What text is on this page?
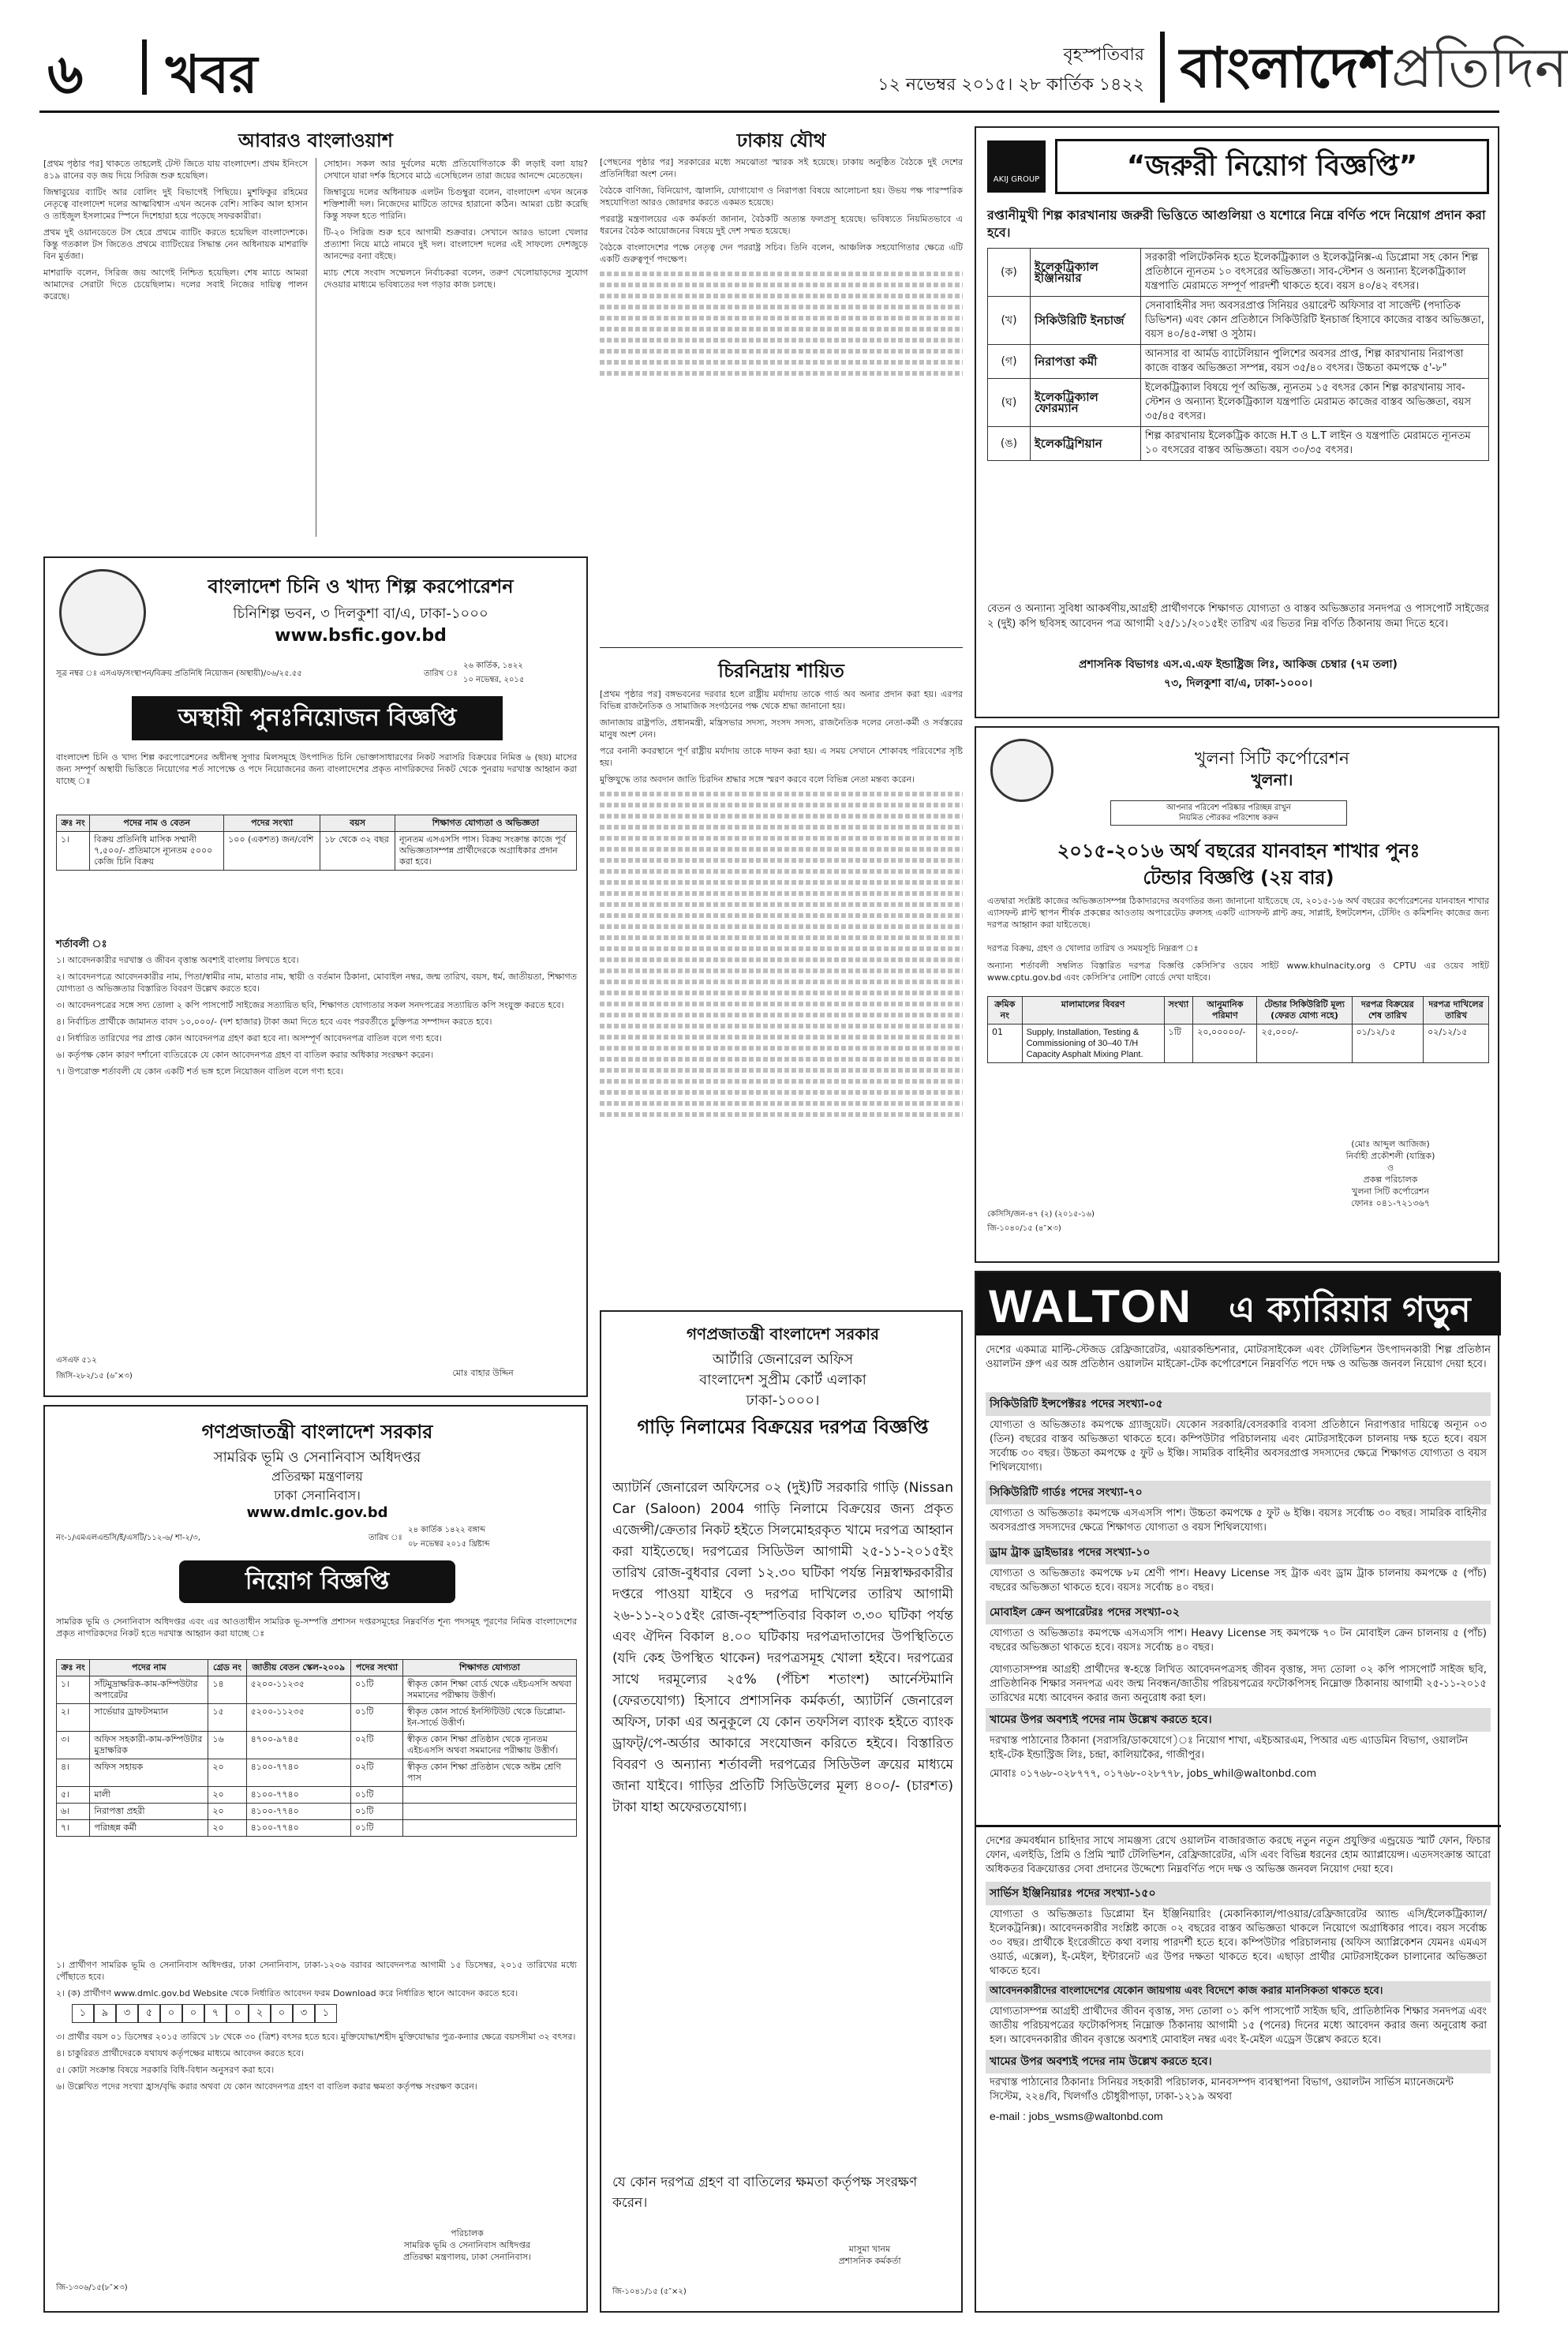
৬ খবর	বৃহস্পতিবার
১২ নভেম্বর ২০১৫। ২৮ কার্তিক ১৪২২ বাংলাদেশপ্রতিদিন
আবারও বাংলাওয়াশ

[প্রথম পৃষ্ঠার পর] থাকতে তাহলেই টেস্ট জিতে যায় বাংলাদেশ। প্রথম ইনিংসে ৪১৯ রানের বড় জয় দিয়ে সিরিজ শুরু হয়েছিল।

জিম্বাবুয়ের ব্যাটিং আর বোলিং দুই বিভাগেই পিছিয়ে। মুশফিকুর রহিমের নেতৃত্বে বাংলাদেশ দলের আত্মবিশ্বাস এখন অনেক বেশি। সাকিব আল হাসান ও তাইজুল ইসলামের স্পিনে দিশেহারা হয়ে পড়েছে সফরকারীরা।

প্রথম দুই ওয়ানডেতে টস হেরে প্রথমে ব্যাটিং করতে হয়েছিল বাংলাদেশকে। কিন্তু গতকাল টস জিতেও প্রথমে ব্যাটিংয়ের সিদ্ধান্ত নেন অধিনায়ক মাশরাফি বিন মুর্তজা।

মাশরাফি বলেন, সিরিজ জয় আগেই নিশ্চিত হয়েছিল। শেষ ম্যাচে আমরা আমাদের সেরাটা দিতে চেয়েছিলাম। দলের সবাই নিজের দায়িত্ব পালন করেছে।

সোহান। সকল আর দুর্বলের মধ্যে প্রতিযোগিতাকে কী লড়াই বলা যায়? সেখানে যারা দর্শক হিসেবে মাঠে এসেছিলেন তারা জয়ের আনন্দে মেতেছেন।

জিম্বাবুয়ে দলের অধিনায়ক এলটন চিগুম্বুরা বলেন, বাংলাদেশ এখন অনেক শক্তিশালী দল। নিজেদের মাটিতে তাদের হারানো কঠিন। আমরা চেষ্টা করেছি কিন্তু সফল হতে পারিনি।

টি-২০ সিরিজ শুরু হবে আগামী শুক্রবার। সেখানে আরও ভালো খেলার প্রত্যাশা নিয়ে মাঠে নামবে দুই দল। বাংলাদেশ দলের এই সাফল্যে দেশজুড়ে আনন্দের বন্যা বইছে।

ম্যাচ শেষে সংবাদ সম্মেলনে নির্বাচকরা বলেন, তরুণ খেলোয়াড়দের সুযোগ দেওয়ার মাধ্যমে ভবিষ্যতের দল গড়ার কাজ চলছে।

বাংলাদেশ চিনি ও খাদ্য শিল্প করপোরেশন
চিনিশিল্প ভবন, ৩ দিলকুশা বা/এ, ঢাকা-১০০০
www.bsfic.gov.bd
সূত্র নম্বর ঃ এসএফ/সংস্থাপন/বিক্রয় প্রতিনিধি নিয়োজন (অস্থায়ী)/০৬/২৫.৫৫	তারিখ ঃ
২৬ কার্তিক, ১৪২২
১০ নভেম্বর, ২০১৫
অস্থায়ী পুনঃনিয়োজন বিজ্ঞপ্তি
বাংলাদেশ চিনি ও খাদ্য শিল্প করপোরেশনের অধীনস্থ সুগার মিলসমূহে উৎপাদিত চিনি ভোক্তাসাধারণের নিকট সরাসরি বিক্রয়ের নিমিত্ত ৬ (ছয়) মাসের জন্য সম্পূর্ণ অস্থায়ী ভিত্তিতে নিয়োগের শর্ত সাপেক্ষে ও পদে নিয়োজনের জন্য বাংলাদেশের প্রকৃত নাগরিকদের নিকট থেকে পুনরায় দরখাস্ত আহ্বান করা যাচ্ছে ঃ
ক্রঃ নং	পদের নাম ও বেতন	পদের সংখ্যা	বয়স	শিক্ষাগত যোগ্যতা ও অভিজ্ঞতা
১।	বিক্রয় প্রতিনিধি মাসিক সম্মানী ৭,৫০০/- প্রতিমাসে ন্যূনতম ৫০০০ কেজি চিনি বিক্রয়	১০০ (একশত) জন/বেশি	১৮ থেকে ৩২ বছর	ন্যূনতম এসএসসি পাস। বিক্রয় সংক্রান্ত কাজে পূর্ব অভিজ্ঞতাসম্পন্ন প্রার্থীদেরকে অগ্রাধিকার প্রদান করা হবে।
শর্তাবলী ঃ

১। আবেদনকারীর দরখাস্ত ও জীবন বৃত্তান্ত অবশ্যই বাংলায় লিখতে হবে।

২। আবেদনপত্রে আবেদনকারীর নাম, পিতা/স্বামীর নাম, মাতার নাম, স্থায়ী ও বর্তমান ঠিকানা, মোবাইল নম্বর, জন্ম তারিখ, বয়স, ধর্ম, জাতীয়তা, শিক্ষাগত যোগ্যতা ও অভিজ্ঞতার বিস্তারিত বিবরণ উল্লেখ করতে হবে।

৩। আবেদনপত্রের সঙ্গে সদ্য তোলা ২ কপি পাসপোর্ট সাইজের সত্যায়িত ছবি, শিক্ষাগত যোগ্যতার সকল সনদপত্রের সত্যায়িত কপি সংযুক্ত করতে হবে।

৪। নির্বাচিত প্রার্থীকে জামানত বাবদ ১০,০০০/- (দশ হাজার) টাকা জমা দিতে হবে এবং পরবর্তীতে চুক্তিপত্র সম্পাদন করতে হবে।

৫। নির্ধারিত তারিখের পর প্রাপ্ত কোন আবেদনপত্র গ্রহণ করা হবে না। অসম্পূর্ণ আবেদনপত্র বাতিল বলে গণ্য হবে।

৬। কর্তৃপক্ষ কোন কারণ দর্শানো ব্যতিরেকে যে কোন আবেদনপত্র গ্রহণ বা বাতিল করার অধিকার সংরক্ষণ করেন।

৭। উপরোক্ত শর্তাবলী যে কোন একটি শর্ত ভঙ্গ হলে নিয়োজন বাতিল বলে গণ্য হবে।

এসএফ ৫১২
জিসি-২৮২/১৫ (৬″×৩)	মোঃ বাহার উদ্দিন
গণপ্রজাতন্ত্রী বাংলাদেশ সরকার
সামরিক ভূমি ও সেনানিবাস অধিদপ্তর
প্রতিরক্ষা মন্ত্রণালয়
ঢাকা সেনানিবাস।
www.dmlc.gov.bd
নং-১/এমএলএন্ডসি/ই/এসটি/১১২-৬/ শা-২/৩,	তারিখ ঃ
২৪ কার্তিক ১৪২২ বঙ্গাব্দ
০৮ নভেম্বর ২০১৫ খ্রিষ্টাব্দ
নিয়োগ বিজ্ঞপ্তি
সামরিক ভূমি ও সেনানিবাস অধিদপ্তর এবং এর আওতাধীন সামরিক ভূ-সম্পত্তি প্রশাসন দপ্তরসমূহের নিম্নবর্ণিত শূন্য পদসমূহ পূরণের নিমিত্ত বাংলাদেশের প্রকৃত নাগরিকদের নিকট হতে দরখাস্ত আহ্বান করা যাচ্ছে ঃ
ক্রঃ নং	পদের নাম	গ্রেড নং	জাতীয় বেতন স্কেল-২০০৯	পদের সংখ্যা	শিক্ষাগত যোগ্যতা
১।	সাঁটমুদ্রাক্ষরিক-কাম-কম্পিউটার অপারেটর	১৪	৫২০০-১১২৩৫	০১টি	স্বীকৃত কোন শিক্ষা বোর্ড থেকে এইচএসসি অথবা সমমানের পরীক্ষায় উত্তীর্ণ।
২।	সার্ভেয়ার ড্রাফটসম্যান	১৫	৫২০০-১১২৩৫	০১টি	স্বীকৃত কোন সার্ভে ইনস্টিটিউট থেকে ডিপ্লোমা-ইন-সার্ভে উত্তীর্ণ।
৩।	অফিস সহকারী-কাম-কম্পিউটার মুদ্রাক্ষরিক	১৬	৪৭০০-৯৭৪৫	০২টি	স্বীকৃত কোন শিক্ষা প্রতিষ্ঠান থেকে ন্যূনতম এইচএসসি অথবা সমমানের পরীক্ষায় উত্তীর্ণ।
৪।	অফিস সহায়ক	২০	৪১০০-৭৭৪০	০২টি	স্বীকৃত কোন শিক্ষা প্রতিষ্ঠান থেকে অষ্টম শ্রেণি পাস
৫।	মালী	২০	৪১০০-৭৭৪০	০১টি	
৬।	নিরাপত্তা প্রহরী	২০	৪১০০-৭৭৪০	০১টি	
৭।	পরিচ্ছন্ন কর্মী	২০	৪১০০-৭৭৪০	০১টি	

১। প্রার্থীগণ সামরিক ভূমি ও সেনানিবাস অধিদপ্তর, ঢাকা সেনানিবাস, ঢাকা-১২০৬ বরাবর আবেদনপত্র আগামী ১৫ ডিসেম্বর, ২০১৫ তারিখের মধ্যে পৌঁছাতে হবে।

২। (ক) প্রার্থীগণ www.dmlc.gov.bd Website থেকে নির্ধারিত আবেদন ফরম Download করে নির্ধারিত স্থানে আবেদন করতে হবে।

১	৯	৩	৫	০	০	৭	০	২	০	৩	১

৩। প্রার্থীর বয়স ০১ ডিসেম্বর ২০১৫ তারিখে ১৮ থেকে ৩০ (ত্রিশ) বৎসর হতে হবে। মুক্তিযোদ্ধা/শহীদ মুক্তিযোদ্ধার পুত্র-কন্যার ক্ষেত্রে বয়সসীমা ৩২ বৎসর।

৪। চাকুরিরত প্রার্থীদেরকে যথাযথ কর্তৃপক্ষের মাধ্যমে আবেদন করতে হবে।

৫। কোটা সংক্রান্ত বিষয়ে সরকারি বিধি-বিধান অনুসরণ করা হবে।

৬। উল্লেখিত পদের সংখ্যা হ্রাস/বৃদ্ধি করার অথবা যে কোন আবেদনপত্র গ্রহণ বা বাতিল করার ক্ষমতা কর্তৃপক্ষ সংরক্ষণ করেন।

পরিচালক
সামরিক ভূমি ও সেনানিবাস অধিদপ্তর
প্রতিরক্ষা মন্ত্রণালয়, ঢাকা সেনানিবাস।
জি-১৩০৬/১৫(৮″×৩)
ঢাকায় যৌথ

[পেছনের পৃষ্ঠার পর] সরকারের মধ্যে সমঝোতা স্মারক সই হয়েছে। ঢাকায় অনুষ্ঠিত বৈঠকে দুই দেশের প্রতিনিধিরা অংশ নেন।

বৈঠকে বাণিজ্য, বিনিয়োগ, জ্বালানি, যোগাযোগ ও নিরাপত্তা বিষয়ে আলোচনা হয়। উভয় পক্ষ পারস্পরিক সহযোগিতা আরও জোরদার করতে একমত হয়েছে।

পররাষ্ট্র মন্ত্রণালয়ের এক কর্মকর্তা জানান, বৈঠকটি অত্যন্ত ফলপ্রসূ হয়েছে। ভবিষ্যতে নিয়মিতভাবে এ ধরনের বৈঠক আয়োজনের বিষয়ে দুই দেশ সম্মত হয়েছে।

বৈঠকে বাংলাদেশের পক্ষে নেতৃত্ব দেন পররাষ্ট্র সচিব। তিনি বলেন, আঞ্চলিক সহযোগিতার ক্ষেত্রে এটি একটি গুরুত্বপূর্ণ পদক্ষেপ।

চিরনিদ্রায় শায়িত

[প্রথম পৃষ্ঠার পর] বঙ্গভবনের দরবার হলে রাষ্ট্রীয় মর্যাদায় তাকে গার্ড অব অনার প্রদান করা হয়। এরপর বিভিন্ন রাজনৈতিক ও সামাজিক সংগঠনের পক্ষ থেকে শ্রদ্ধা জানানো হয়।

জানাজায় রাষ্ট্রপতি, প্রধানমন্ত্রী, মন্ত্রিসভার সদস্য, সংসদ সদস্য, রাজনৈতিক দলের নেতা-কর্মী ও সর্বস্তরের মানুষ অংশ নেন।

পরে বনানী কবরস্থানে পূর্ণ রাষ্ট্রীয় মর্যাদায় তাকে দাফন করা হয়। এ সময় সেখানে শোকাবহ পরিবেশের সৃষ্টি হয়।

মুক্তিযুদ্ধে তার অবদান জাতি চিরদিন শ্রদ্ধার সঙ্গে স্মরণ করবে বলে বিভিন্ন নেতা মন্তব্য করেন।

গণপ্রজাতন্ত্রী বাংলাদেশ সরকার
আর্টারি জেনারেল অফিস
বাংলাদেশ সুপ্রীম কোর্ট এলাকা
ঢাকা-১০০০।
গাড়ি নিলামের বিক্রয়ের দরপত্র বিজ্ঞপ্তি
অ্যাটর্নি জেনারেল অফিসের ০২ (দুই)টি সরকারি গাড়ি (Nissan Car (Saloon) 2004 গাড়ি নিলামে বিক্রয়ের জন্য প্রকৃত এজেন্সী/ক্রেতার নিকট হইতে সিলমোহরকৃত খামে দরপত্র আহ্বান করা যাইতেছে। দরপত্রের সিডিউল আগামী ২৫-১১-২০১৫ইং তারিখ রোজ-বুধবার বেলা ১২.৩০ ঘটিকা পর্যন্ত নিম্নস্বাক্ষরকারীর দপ্তরে পাওয়া যাইবে ও দরপত্র দাখিলের তারিখ আগামী ২৬-১১-২০১৫ইং রোজ-বৃহস্পতিবার বিকাল ৩.৩০ ঘটিকা পর্যন্ত এবং ঐদিন বিকাল ৪.০০ ঘটিকায় দরপত্রদাতাদের উপস্থিতিতে (যদি কেহ উপস্থিত থাকেন) দরপত্রসমূহ খোলা হইবে। দরপত্রের সাথে দরমূল্যের ২৫% (পঁচিশ শতাংশ) আর্নেস্টমানি (ফেরতযোগ্য) হিসাবে প্রশাসনিক কর্মকর্তা, অ্যাটর্নি জেনারেল অফিস, ঢাকা এর অনুকূলে যে কোন তফসিল ব্যাংক হইতে ব্যাংক ড্রাফট্/পে-অর্ডার আকারে সংযোজন করিতে হইবে। বিস্তারিত বিবরণ ও অন্যান্য শর্তাবলী দরপত্রের সিডিউল ক্রয়ের মাধ্যমে জানা যাইবে। গাড়ির প্রতিটি সিডিউলের মূল্য ৪০০/- (চারশত) টাকা যাহা অফেরতযোগ্য।
যে কোন দরপত্র গ্রহণ বা বাতিলের ক্ষমতা কর্তৃপক্ষ সংরক্ষণ করেন।
মাসুমা খানম
প্রশাসনিক কর্মকর্তা
জি-১০৪১/১৫ (৫″×২)
AKIJ GROUP	“জরুরী নিয়োগ বিজ্ঞপ্তি”
রপ্তানীমুখী শিল্প কারখানায় জরুরী ভিত্তিতে আগুলিয়া ও যশোরে নিম্নে বর্ণিত পদে নিয়োগ প্রদান করা হবে।
(ক)	ইলেকট্রিক্যাল ইঞ্জিনিয়ার	সরকারী পলিটেকনিক হতে ইলেকট্রিক্যাল ও ইলেকট্রনিক্স-এ ডিপ্লোমা সহ কোন শিল্প প্রতিষ্ঠানে ন্যূনতম ১০ বৎসরের অভিজ্ঞতা। সাব-স্টেশন ও অন্যান্য ইলেকট্রিক্যাল যন্ত্রপাতি মেরামতে সম্পূর্ণ পারদর্শী থাকতে হবে। বয়স ৪০/৪২ বৎসর।
(খ)	সিকিউরিটি ইনচার্জ	সেনাবাহিনীর সদ্য অবসরপ্রাপ্ত সিনিয়র ওয়ারেন্ট অফিসার বা সার্জেন্ট (পদাতিক ডিভিশন) এবং কোন প্রতিষ্ঠানে সিকিউরিটি ইনচার্জ হিসাবে কাজের বাস্তব অভিজ্ঞতা, বয়স ৪০/৪৫-লম্বা ও সুঠাম।
(গ)	নিরাপত্তা কর্মী	আনসার বা আর্মড ব্যাটেলিয়ান পুলিশের অবসর প্রাপ্ত, শিল্প কারখানায় নিরাপত্তা কাজে বাস্তব অভিজ্ঞতা সম্পন্ন, বয়স ৩৫/৪০ বৎসর। উচ্চতা কমপক্ষে ৫'-৮"
(ঘ)	ইলেকট্রিক্যাল ফোরম্যান	ইলেকট্রিক্যাল বিষয়ে পূর্ণ অভিজ্ঞ, ন্যূনতম ১৫ বৎসর কোন শিল্প কারখানায় সাব-স্টেশন ও অন্যান্য ইলেকট্রিক্যাল যন্ত্রপাতি মেরামত কাজের বাস্তব অভিজ্ঞতা, বয়স ৩৫/৪৫ বৎসর।
(ঙ)	ইলেকট্রিশিয়ান	শিল্প কারখানায় ইলেকট্রিক কাজে H.T ও L.T লাইন ও যন্ত্রপাতি মেরামতে ন্যূনতম ১০ বৎসরের বাস্তব অভিজ্ঞতা। বয়স ৩০/৩৫ বৎসর।
বেতন ও অন্যান্য সুবিধা আকর্ষণীয়,আগ্রহী প্রার্থীগণকে শিক্ষাগত যোগ্যতা ও বাস্তব অভিজ্ঞতার সনদপত্র ও পাসপোর্ট সাইজের ২ (দুই) কপি ছবিসহ আবেদন পত্র আগামী ২৫/১১/২০১৫ইং তারিখ এর ভিতর নিম্ন বর্ণিত ঠিকানায় জমা দিতে হবে।
প্রশাসনিক বিভাগঃ এস.এ.এফ ইন্ডাষ্ট্রিজ লিঃ, আকিজ চেম্বার (৭ম তলা)
৭৩, দিলকুশা বা/এ, ঢাকা-১০০০।
খুলনা সিটি কর্পোরেশন
খুলনা।
আপনার পরিবেশ পরিষ্কার পরিচ্ছন্ন রাখুন
নিয়মিত পৌরকর পরিশোধ করুন
২০১৫-২০১৬ অর্থ বছরের যানবাহন শাখার পুনঃ
টেন্ডার বিজ্ঞপ্তি (২য় বার)
এতদ্বারা সংশ্লিষ্ট কাজের অভিজ্ঞতাসম্পন্ন ঠিকাদারদের অবগতির জন্য জানানো যাইতেছে যে, ২০১৫-১৬ অর্থ বছরের কর্পোরেশনের যানবাহন শাখার এ্যাসফল্ট প্লান্ট স্থাপন শীর্ষক প্রকল্পের আওতায় অপারেটেড রুলসহ একটি এ্যাসফল্ট প্লান্ট ক্রয়, সাপ্লাই, ইন্সটলেশন, টেস্টিং ও কমিশনিং কাজের জন্য দরপত্র আহ্বান করা যাইতেছে।
দরপত্র বিক্রয়, গ্রহণ ও খোলার তারিখ ও সময়সূচি নিম্নরূপ ঃ
অন্যান্য শর্তাবলী সম্বলিত বিস্তারিত দরপত্র বিজ্ঞপ্তি কেসিসি'র ওয়েব সাইট www.khulnacity.org ও CPTU এর ওয়েব সাইট www.cptu.gov.bd এবং কেসিসি'র নোটিশ বোর্ডে দেখা যাইবে।
ক্রমিক নং	মালামালের বিবরণ	সংখ্যা	আনুমানিক পরিমাণ	টেন্ডার সিকিউরিটি মূল্য (ফেরত যোগ্য নহে)	দরপত্র বিক্রয়ের শেষ তারিখ	দরপত্র দাখিলের তারিখ
01	Supply, Installation, Testing & Commissioning of 30–40 T/H Capacity Asphalt Mixing Plant.	১টি	২০,০০০০০/-	২৫,০০০/-	০১/১২/১৫	০২/১২/১৫
(মোঃ আব্দুল আজিজ)
নির্বাহী প্রকৌশলী (যান্ত্রিক)
ও
প্রকল্প পরিচালক
খুলনা সিটি কর্পোরেশন
ফোনঃ ০৪১-৭২১৩৬৭
কেসিসি/জন-৪৭ (২) (২০১৫-১৬)
জি-১০৪০/১৫ (৪″×৩)
WALTON এ ক্যারিয়ার গড়ুন
দেশের একমাত্র মাল্টি-স্টেজড রেফ্রিজারেটর, এয়ারকন্ডিশনার, মোটরসাইকেল এবং টেলিভিশন উৎপাদনকারী শিল্প প্রতিষ্ঠান ওয়ালটন গ্রুপ এর অঙ্গ প্রতিষ্ঠান ওয়ালটন মাইক্রো-টেক কর্পোরেশনে নিম্নবর্ণিত পদে দক্ষ ও অভিজ্ঞ জনবল নিয়োগ দেয়া হবে।
সিকিউরিটি ইন্সপেক্টরঃ পদের সংখ্যা-০৫
যোগ্যতা ও অভিজ্ঞতাঃ কমপক্ষে গ্র্যাজুয়েট। যেকোন সরকারি/বেসরকারি ব্যবসা প্রতিষ্ঠানে নিরাপত্তার দায়িত্বে অন্যূন ০৩ (তিন) বছরের বাস্তব অভিজ্ঞতা থাকতে হবে। কম্পিউটার পরিচালনায় এবং মোটরসাইকেল চালনায় দক্ষ হতে হবে। বয়স সর্বোচ্চ ৩০ বছর। উচ্চতা কমপক্ষে ৫ ফুট ৬ ইঞ্চি। সামরিক বাহিনীর অবসরপ্রাপ্ত সদস্যদের ক্ষেত্রে শিক্ষাগত যোগ্যতা ও বয়স শিথিলযোগ্য।
সিকিউরিটি গার্ডঃ পদের সংখ্যা-৭০
যোগ্যতা ও অভিজ্ঞতাঃ কমপক্ষে এসএসসি পাশ। উচ্চতা কমপক্ষে ৫ ফুট ৬ ইঞ্চি। বয়সঃ সর্বোচ্চ ৩০ বছর। সামরিক বাহিনীর অবসরপ্রাপ্ত সদস্যদের ক্ষেত্রে শিক্ষাগত যোগ্যতা ও বয়স শিথিলযোগ্য।
ড্রাম ট্রাক ড্রাইভারঃ পদের সংখ্যা-১০
যোগ্যতা ও অভিজ্ঞতাঃ কমপক্ষে ৮ম শ্রেণী পাশ। Heavy License সহ ট্রাক এবং ড্রাম ট্রাক চালনায় কমপক্ষে ৫ (পাঁচ) বছরের অভিজ্ঞতা থাকতে হবে। বয়সঃ সর্বোচ্চ ৪০ বছর।
মোবাইল ক্রেন অপারেটরঃ পদের সংখ্যা-০২
যোগ্যতা ও অভিজ্ঞতাঃ কমপক্ষে এসএসসি পাশ। Heavy License সহ কমপক্ষে ৭০ টন মোবাইল ক্রেন চালনায় ৫ (পাঁচ) বছরের অভিজ্ঞতা থাকতে হবে। বয়সঃ সর্বোচ্চ ৪০ বছর।
যোগ্যতাসম্পন্ন আগ্রহী প্রার্থীদের স্ব-হস্তে লিখিত আবেদনপত্রসহ জীবন বৃত্তান্ত, সদ্য তোলা ০২ কপি পাসপোর্ট সাইজ ছবি, প্রাতিষ্ঠানিক শিক্ষার সনদপত্র এবং জন্ম নিবন্ধন/জাতীয় পরিচয়পত্রের ফটোকপিসহ নিম্নোক্ত ঠিকানায় আগামী ২৫-১১-২০১৫ তারিখের মধ্যে আবেদন করার জন্য অনুরোধ করা হল।
খামের উপর অবশ্যই পদের নাম উল্লেখ করতে হবে।
দরখাস্ত পাঠানোর ঠিকানা (সরাসরি/ডাকযোগে)ঃ নিয়োগ শাখা, এইচআরএম, পিআর এন্ড এ্যাডমিন বিভাগ, ওয়ালটন হাই-টেক ইন্ডাস্ট্রিজ লিঃ, চন্দ্রা, কালিয়াকৈর, গাজীপুর।
মোবাঃ ০১৭৬৮-০২৮৭৭৭, ০১৭৬৮-০২৮৭৭৮, jobs_whil@waltonbd.com
দেশের ক্রমবর্ধমান চাহিদার সাথে সামঞ্জস্য রেখে ওয়ালটন বাজারজাত করছে নতুন নতুন প্রযুক্তির এন্ড্রয়েড স্মার্ট ফোন, ফিচার ফোন, এলইডি, প্রিমি ও প্রিমি স্মার্ট টেলিভিশন, রেফ্রিজারেটর, এসি এবং বিভিন্ন ধরনের হোম অ্যাপ্লায়েন্স। এতদসংক্রান্ত আরো অধিকতর বিক্রয়োত্তর সেবা প্রদানের উদ্দেশ্যে নিম্নবর্ণিত পদে দক্ষ ও অভিজ্ঞ জনবল নিয়োগ দেয়া হবে।
সার্ভিস ইঞ্জিনিয়ারঃ পদের সংখ্যা-১৫০
যোগ্যতা ও অভিজ্ঞতাঃ ডিপ্লোমা ইন ইঞ্জিনিয়ারিং (মেকানিক্যাল/পাওয়ার/রেফ্রিজারেটর অ্যান্ড এসি/ইলেকট্রিক্যাল/ইলেকট্রনিক্স)। আবেদনকারীর সংশ্লিষ্ট কাজে ০২ বছরের বাস্তব অভিজ্ঞতা থাকলে নিয়োগে অগ্রাধিকার পাবে। বয়স সর্বোচ্চ ৩০ বছর। প্রার্থীকে ইংরেজীতে কথা বলায় পারদর্শী হতে হবে। কম্পিউটার পরিচালনায় (অফিস অ্যাপ্লিকেশন যেমনঃ এমএস ওয়ার্ড, এক্সেল), ই-মেইল, ইন্টারনেট এর উপর দক্ষতা থাকতে হবে। এছাড়া প্রার্থীর মোটরসাইকেল চালানোর অভিজ্ঞতা থাকতে হবে।
আবেদনকারীদের বাংলাদেশের যেকোন জায়গায় এবং বিদেশে কাজ করার মানসিকতা থাকতে হবে।
যোগ্যতাসম্পন্ন আগ্রহী প্রার্থীদের জীবন বৃত্তান্ত, সদ্য তোলা ০১ কপি পাসপোর্ট সাইজ ছবি, প্রাতিষ্ঠানিক শিক্ষার সনদপত্র এবং জাতীয় পরিচয়পত্রের ফটোকপিসহ নিম্নোক্ত ঠিকানায় আগামী ১৫ (পনের) দিনের মধ্যে আবেদন করার জন্য অনুরোধ করা হল। আবেদনকারীর জীবন বৃত্তান্তে অবশ্যই মোবাইল নম্বর এবং ই-মেইল এড্রেস উল্লেখ করতে হবে।
খামের উপর অবশ্যই পদের নাম উল্লেখ করতে হবে।
দরখাস্ত পাঠানোর ঠিকানাঃ সিনিয়র সহকারী পরিচালক, মানবসম্পদ ব্যবস্থাপনা বিভাগ, ওয়ালটন সার্ভিস ম্যানেজমেন্ট সিস্টেম, ২২৪/বি, খিলগাঁও চৌধুরীপাড়া, ঢাকা-১২১৯ অথবা
e-mail : jobs_wsms@waltonbd.com
